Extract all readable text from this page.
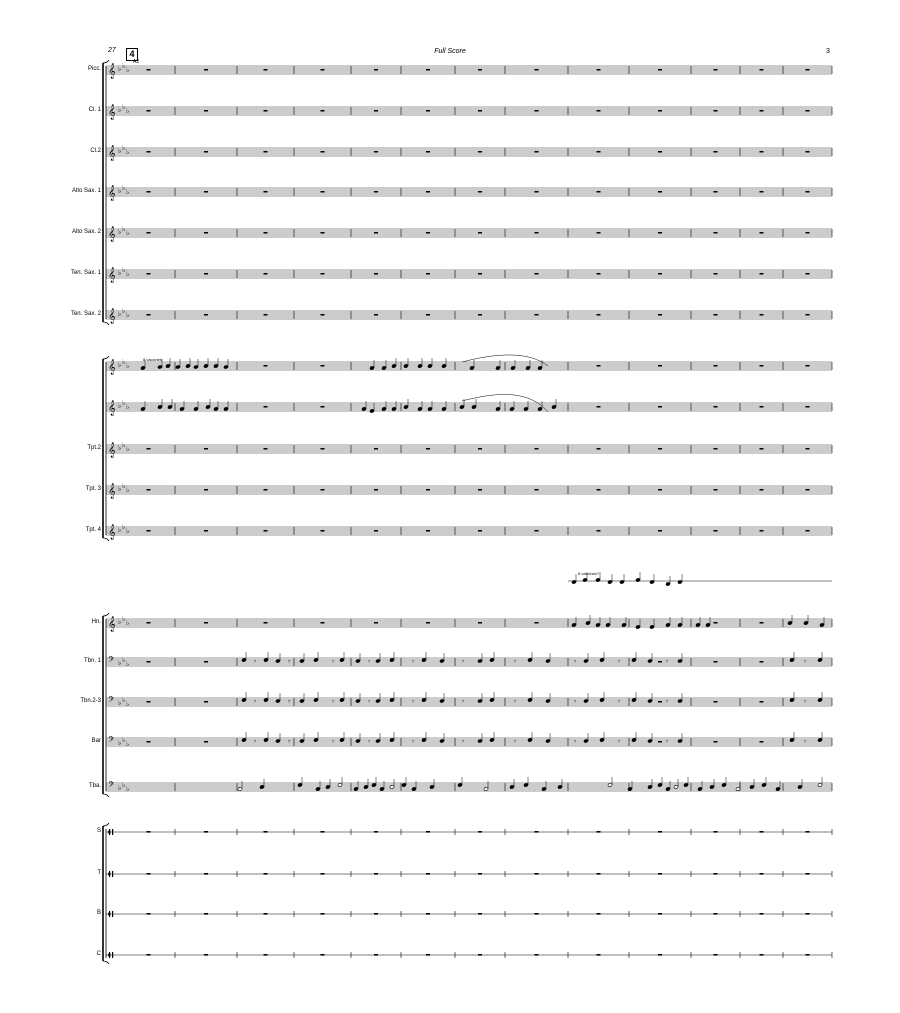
Full Score	3
27	4
A2
𝄞 ♭ ♭ ♭
𝄞 ♭ ♭ ♭
𝄞 ♭ ♭ ♭
𝄞 ♭ ♭ ♭
𝄞 ♭ ♭ ♭
𝄞 ♭ ♭ ♭
𝄞 ♭ ♭ ♭
𝄞 ♭ ♭ ♭
𝄞 ♭ ♭ ♭
𝄞 ♭ ♭ ♭
𝄞 ♭ ♭ ♭
𝄞 ♭ ♭ ♭
𝄞 ♭ ♭ ♭
𝄢 ♭ ♭ ♭
𝄢 ♭ ♭ ♭
𝄢 ♭ ♭ ♭
𝄢 ♭ ♭ ♭
8 vaccines
8 vaccines?
𝄾	𝄾	𝄾	𝄾	𝄾	𝄾	𝄾	𝄾	𝄾	𝄾	𝄾
𝄾	𝄾	𝄾	𝄾	𝄾	𝄾	𝄾	𝄾	𝄾	𝄾	𝄾
𝄾	𝄾	𝄾	𝄾	𝄾	𝄾	𝄾	𝄾	𝄾	𝄾	𝄾
Picc.
Cl. 1
Cl.2
Alto Sax. 1
Alto Sax. 2
Ten. Sax. 1
Ten. Sax. 2
Tpt.2
Tpt. 3
Tpt. 4
Hn.
Tbn. 1
Tbn.2-3
Bar
Tba.
S
T
B
C
